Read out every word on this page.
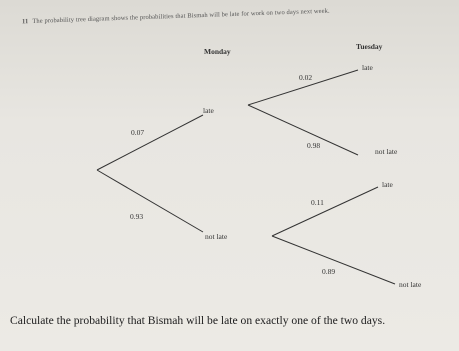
11 The probability tree diagram shows the probabilities that Bismah will be late for work on two days next week.
Monday
Tuesday
0.07
late
0.93
not late
0.02
late
0.98
not late
0.11
late
0.89
not late
Calculate the probability that Bismah will be late on exactly one of the two days.
